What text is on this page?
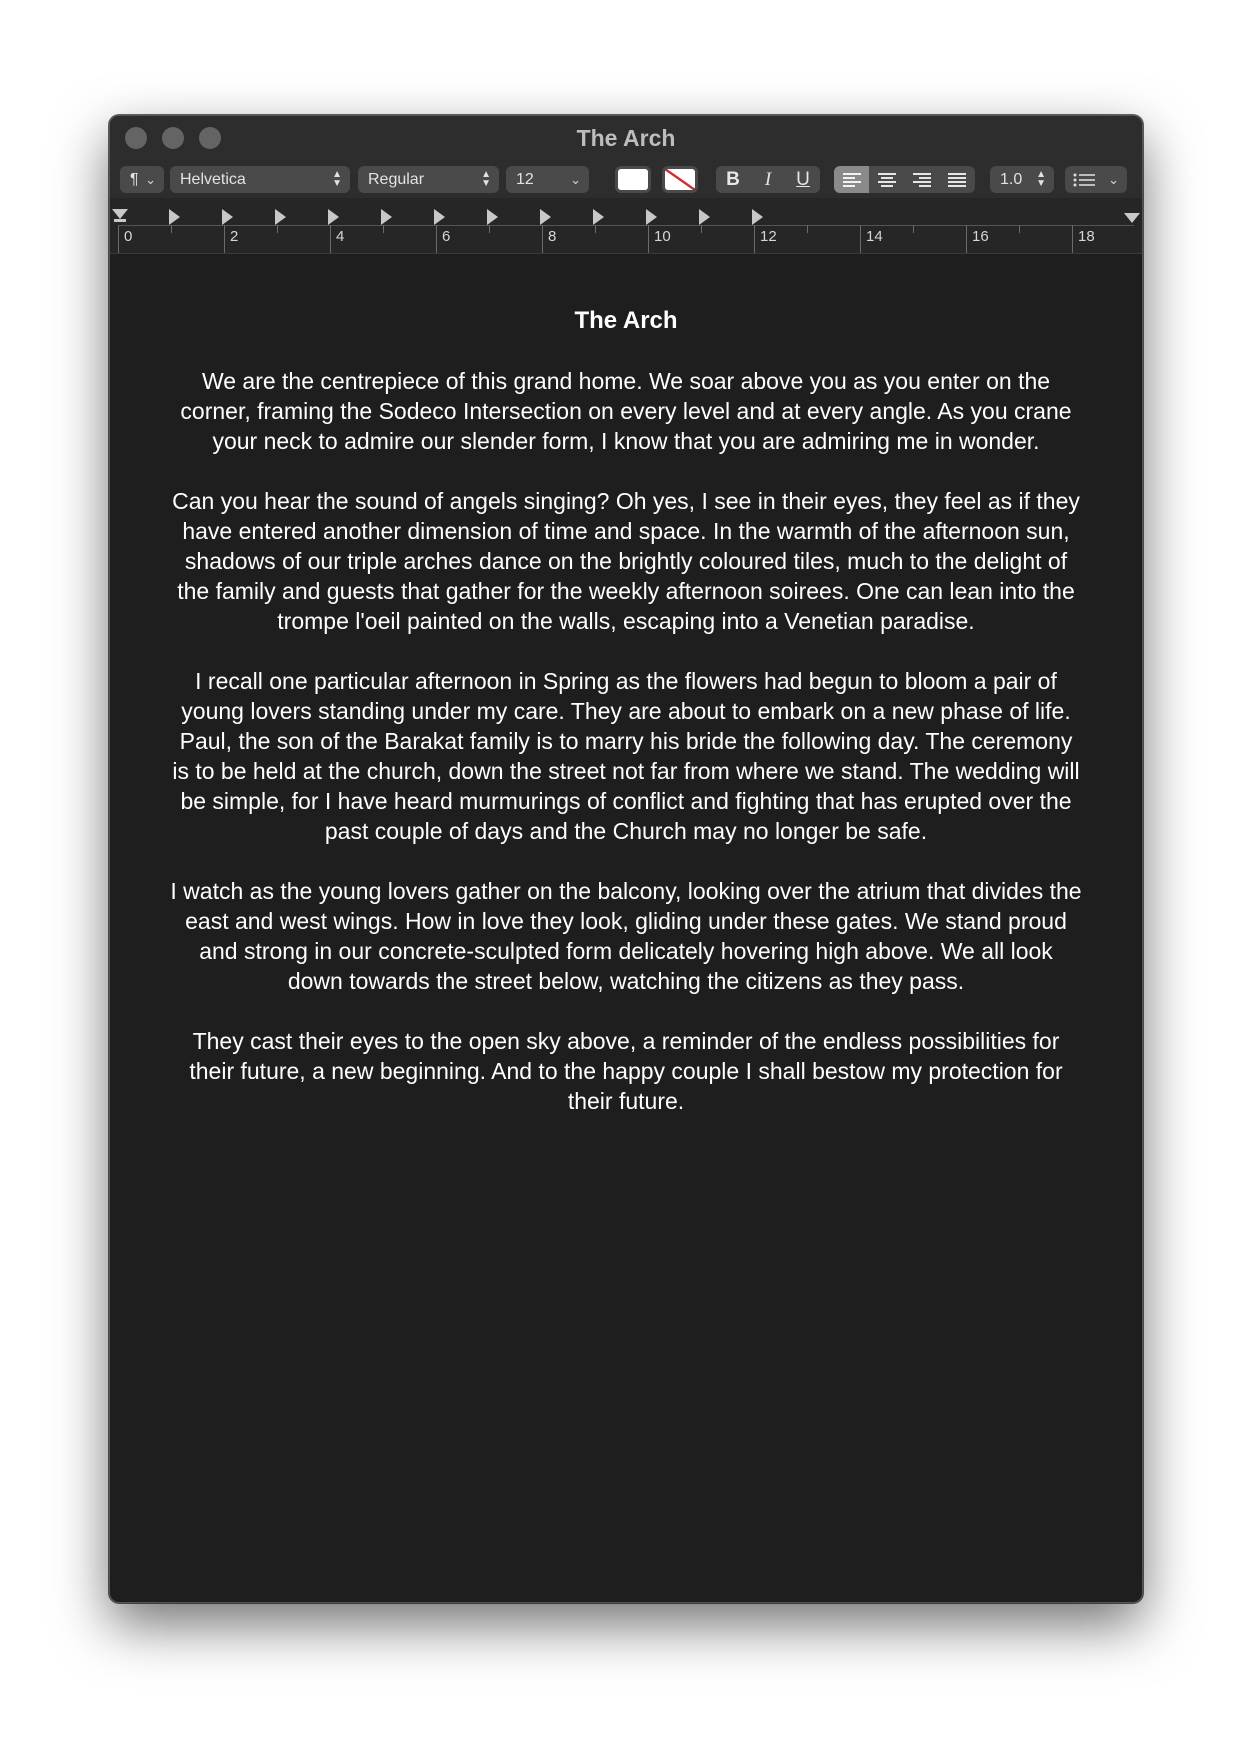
The Arch
¶ ⌄	Helvetica	▲
▼	Regular	▲
▼	12	⌄	B	I	U	1.0 ▲
▼	⌄
0	2	4	6	8	10	12	14	16	18
The Arch

We are the centrepiece of this grand home. We soar above you as you enter on the corner, framing the Sodeco Intersection on every level and at every angle. As you crane your neck to admire our slender form, I know that you are admiring me in wonder.

Can you hear the sound of angels singing? Oh yes, I see in their eyes, they feel as if they have entered another dimension of time and space. In the warmth of the afternoon sun, shadows of our triple arches dance on the brightly coloured tiles, much to the delight of the family and guests that gather for the weekly afternoon soirees. One can lean into the trompe l'oeil painted on the walls, escaping into a Venetian paradise.

I recall one particular afternoon in Spring as the flowers had begun to bloom a pair of young lovers standing under my care. They are about to embark on a new phase of life. Paul, the son of the Barakat family is to marry his bride the following day. The ceremony is to be held at the church, down the street not far from where we stand. The wedding will be simple, for I have heard murmurings of conflict and fighting that has erupted over the past couple of days and the Church may no longer be safe.

I watch as the young lovers gather on the balcony, looking over the atrium that divides the east and west wings. How in love they look, gliding under these gates. We stand proud and strong in our concrete-sculpted form delicately hovering high above. We all look down towards the street below, watching the citizens as they pass.

They cast their eyes to the open sky above, a reminder of the endless possibilities for their future, a new beginning. And to the happy couple I shall bestow my protection for their future.
